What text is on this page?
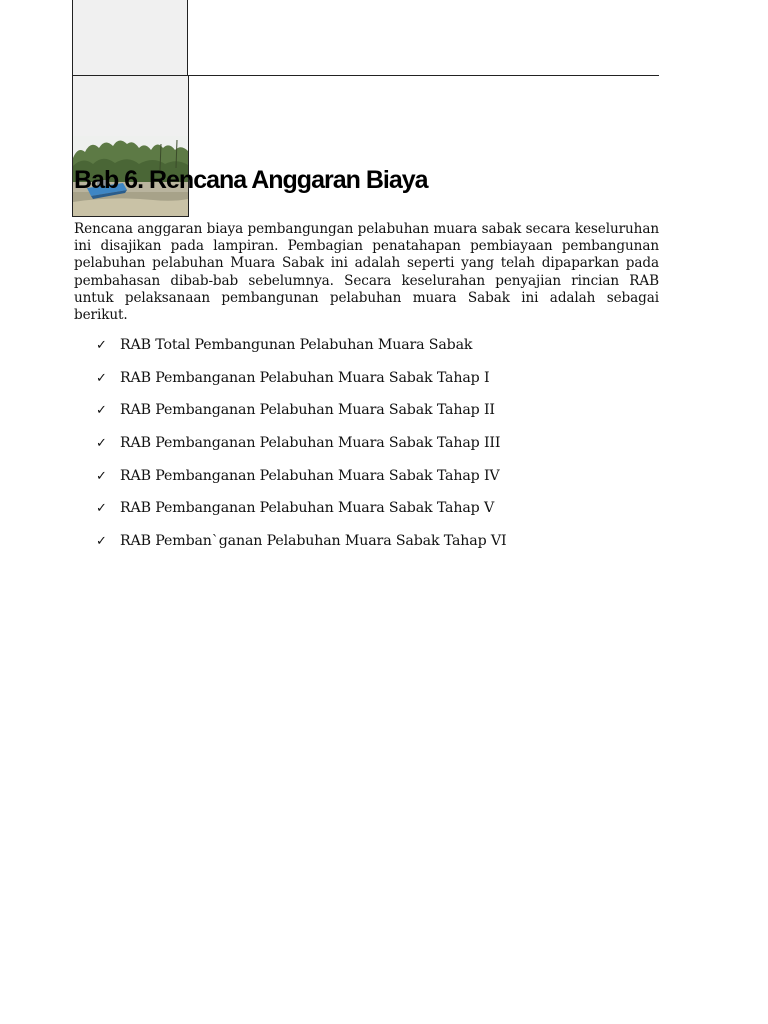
Bab 6. Rencana Anggaran Biaya

Rencana anggaran biaya pembangungan pelabuhan muara sabak secara keseluruhan ini disajikan pada lampiran. Pembagian penatahapan pembiayaan pembangunan pelabuhan pelabuhan Muara Sabak ini adalah seperti yang telah dipaparkan pada pembahasan dibab-bab sebelumnya. Secara keselurahan penyajian rincian RAB untuk pelaksanaan pembangunan pelabuhan muara Sabak ini adalah sebagai berikut.

✓ RAB Total Pembangunan Pelabuhan Muara Sabak
✓ RAB Pembanganan Pelabuhan Muara Sabak Tahap I
✓ RAB Pembanganan Pelabuhan Muara Sabak Tahap II
✓ RAB Pembanganan Pelabuhan Muara Sabak Tahap III
✓ RAB Pembanganan Pelabuhan Muara Sabak Tahap IV
✓ RAB Pembanganan Pelabuhan Muara Sabak Tahap V
✓ RAB Pemban`ganan Pelabuhan Muara Sabak Tahap VI
